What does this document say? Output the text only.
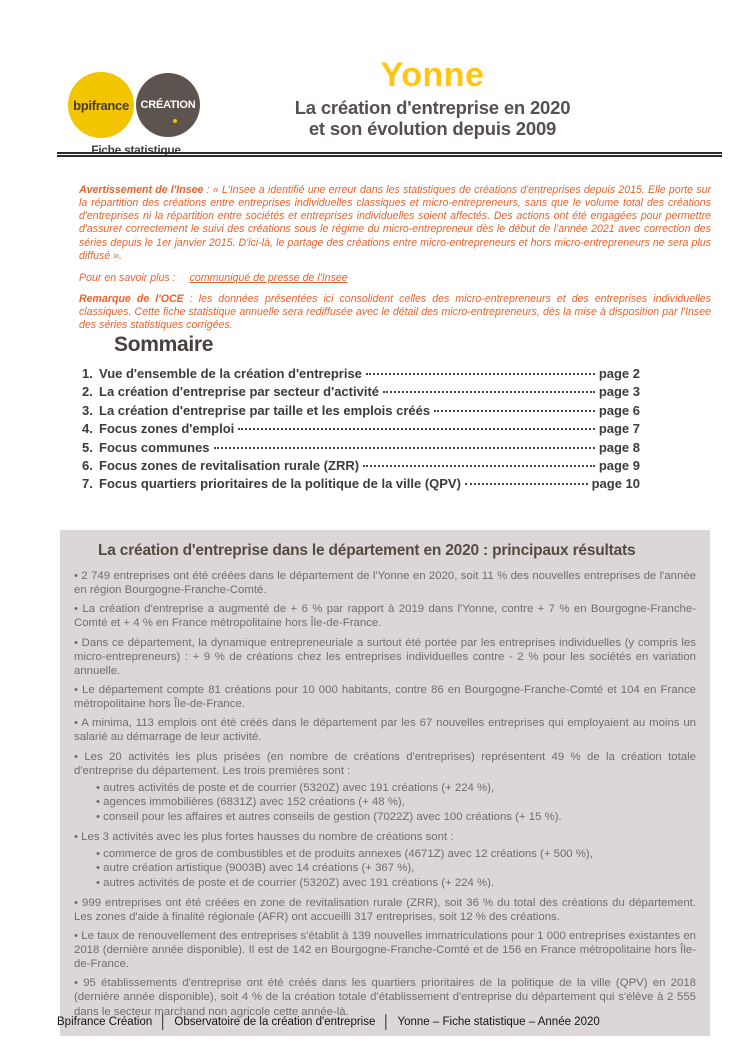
bpifrance CRÉATION
Fiche statistique
Yonne
La création d'entreprise en 2020
et son évolution depuis 2009

Avertissement de l'Insee : « L'Insee a identifié une erreur dans les statistiques de créations d'entreprises depuis 2015. Elle porte sur la répartition des créations entre entreprises individuelles classiques et micro-entrepreneurs, sans que le volume total des créations d'entreprises ni la répartition entre sociétés et entreprises individuelles soient affectés. Des actions ont été engagées pour permettre d'assurer correctement le suivi des créations sous le régime du micro-entrepreneur dès le début de l'année 2021 avec correction des séries depuis le 1er janvier 2015. D'ici-là, le partage des créations entre micro-entrepreneurs et hors micro-entrepreneurs ne sera plus diffusé ».

Pour en savoir plus : communiqué de presse de l'Insee

Remarque de l'OCE : les données présentées ici consolident celles des micro-entrepreneurs et des entreprises individuelles classiques. Cette fiche statistique annuelle sera rediffusée avec le détail des micro-entrepreneurs, dès la mise à disposition par l'Insee des séries statistiques corrigées.

Sommaire
1. Vue d'ensemble de la création d'entreprise	page 2
2. La création d'entreprise par secteur d'activité	page 3
3. La création d'entreprise par taille et les emplois créés	page 6
4. Focus zones d'emploi	page 7
5. Focus communes	page 8
6. Focus zones de revitalisation rurale (ZRR)	page 9
7. Focus quartiers prioritaires de la politique de la ville (QPV)	page 10
La création d'entreprise dans le département en 2020 : principaux résultats

• 2 749 entreprises ont été créées dans le département de l'Yonne en 2020, soit 11 % des nouvelles entreprises de l'année en région Bourgogne-Franche-Comté.

• La création d'entreprise a augmenté de + 6 % par rapport à 2019 dans l'Yonne, contre + 7 % en Bourgogne-Franche-Comté et + 4 % en France métropolitaine hors Île-de-France.

• Dans ce département, la dynamique entrepreneuriale a surtout été portée par les entreprises individuelles (y compris les micro-entrepreneurs) : + 9 % de créations chez les entreprises individuelles contre - 2 % pour les sociétés en variation annuelle.

• Le département compte 81 créations pour 10 000 habitants, contre 86 en Bourgogne-Franche-Comté et 104 en France métropolitaine hors Île-de-France.

• A minima, 113 emplois ont été créés dans le département par les 67 nouvelles entreprises qui employaient au moins un salarié au démarrage de leur activité.

• Les 20 activités les plus prisées (en nombre de créations d'entreprises) représentent 49 % de la création totale d'entreprise du département. Les trois premières sont :

• autres activités de poste et de courrier (5320Z) avec 191 créations (+ 224 %),
• agences immobilières (6831Z) avec 152 créations (+ 48 %),
• conseil pour les affaires et autres conseils de gestion (7022Z) avec 100 créations (+ 15 %).

• Les 3 activités avec les plus fortes hausses du nombre de créations sont :

• commerce de gros de combustibles et de produits annexes (4671Z) avec 12 créations (+ 500 %),
• autre création artistique (9003B) avec 14 créations (+ 367 %),
• autres activités de poste et de courrier (5320Z) avec 191 créations (+ 224 %).

• 999 entreprises ont été créées en zone de revitalisation rurale (ZRR), soit 36 % du total des créations du département. Les zones d'aide à finalité régionale (AFR) ont accueilli 317 entreprises, soit 12 % des créations.

• Le taux de renouvellement des entreprises s'établit à 139 nouvelles immatriculations pour 1 000 entreprises existantes en 2018 (dernière année disponible). Il est de 142 en Bourgogne-Franche-Comté et de 156 en France métropolitaine hors Île-de-France.

• 95 établissements d'entreprise ont été créés dans les quartiers prioritaires de la politique de la ville (QPV) en 2018 (dernière année disponible), soit 4 % de la création totale d'établissement d'entreprise du département qui s'élève à 2 555 dans le secteur marchand non agricole cette année-là.

Bpifrance Création │ Observatoire de la création d'entreprise │ Yonne – Fiche statistique – Année 2020
